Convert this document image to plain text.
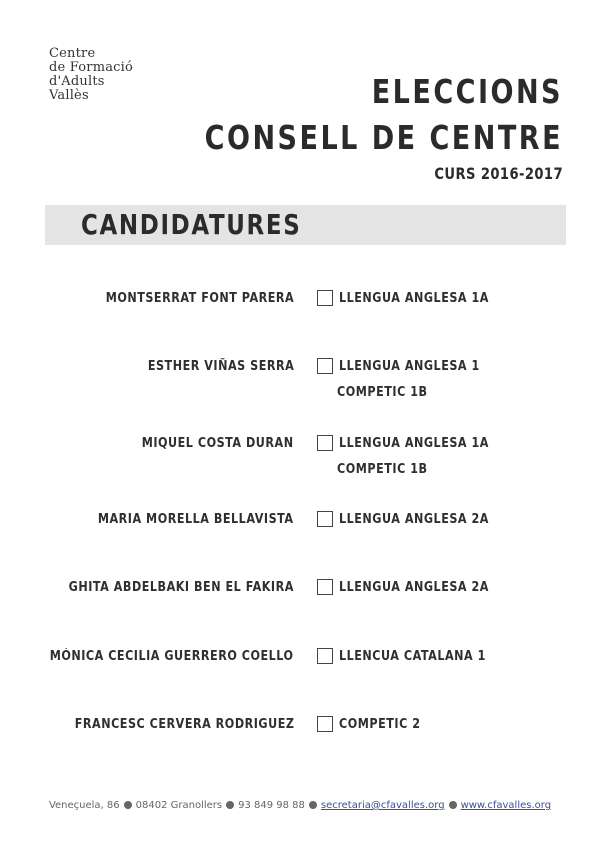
Centre
de Formació
d'Adults
Vallès	ELECCIONS
CONSELL DE CENTRE
CURS 2016-2017
CANDIDATURES
MONTSERRAT FONT PARERA	LLENGUA ANGLESA 1A
ESTHER VIÑAS SERRA	LLENGUA ANGLESA 1
COMPETIC 1B
MIQUEL COSTA DURAN	LLENGUA ANGLESA 1A
COMPETIC 1B
MARIA MORELLA BELLAVISTA	LLENGUA ANGLESA 2A
GHITA ABDELBAKI BEN EL FAKIRA	LLENGUA ANGLESA 2A
MÓNICA CECILIA GUERRERO COELLO	LLENCUA CATALANA 1
FRANCESC CERVERA RODRIGUEZ	COMPETIC 2
Veneçuela, 86 08402 Granollers 93 849 98 88 secretaria@cfavalles.org www.cfavalles.org
